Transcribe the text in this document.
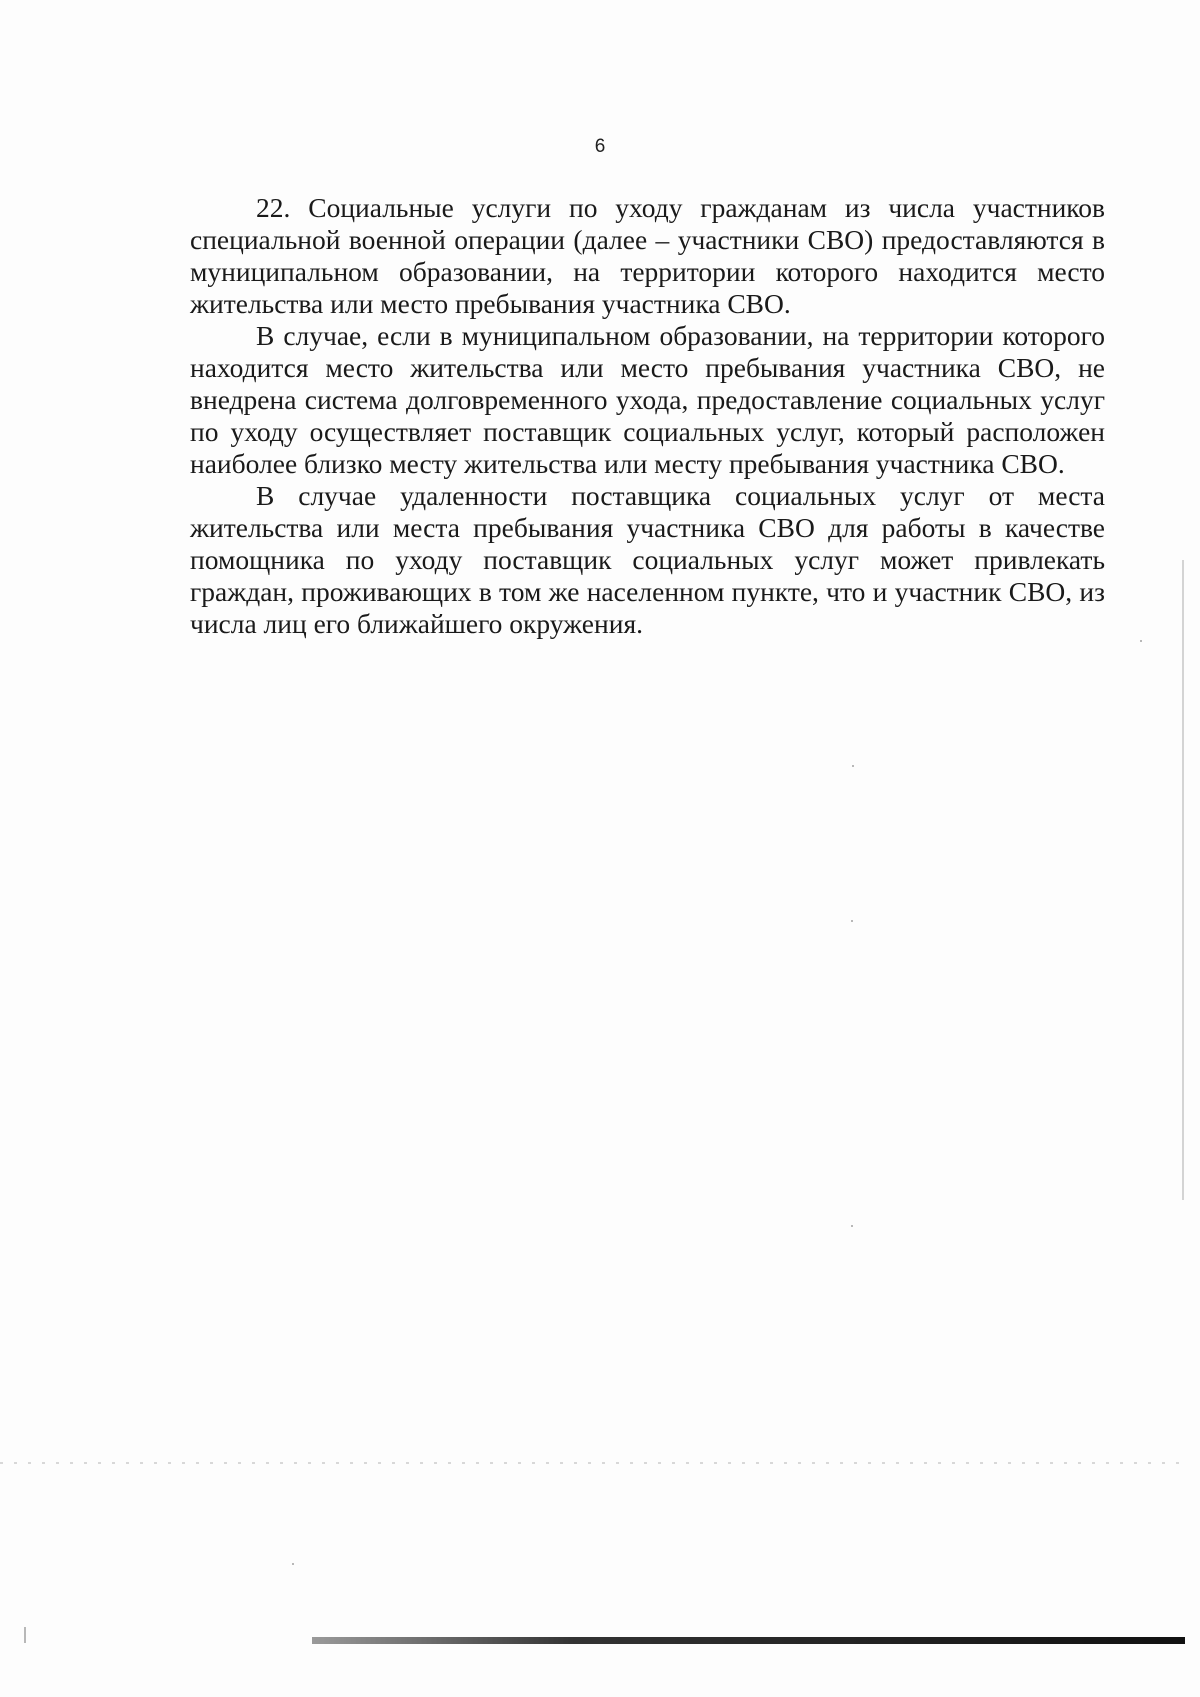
6

22. Социальные услуги по уходу гражданам из числа участников специальной военной операции (далее – участники СВО) предоставляются в муниципальном образовании, на территории которого находится место жительства или место пребывания участника СВО.

В случае, если в муниципальном образовании, на территории которого находится место жительства или место пребывания участника СВО, не внедрена система долговременного ухода, предоставление социальных услуг по уходу осуществляет поставщик социальных услуг, который расположен наиболее близко месту жительства или месту пребывания участника СВО.

В случае удаленности поставщика социальных услуг от места жительства или места пребывания участника СВО для работы в качестве помощника по уходу поставщик социальных услуг может привлекать граждан, проживающих в том же населенном пункте, что и участник СВО, из числа лиц его ближайшего окружения.
